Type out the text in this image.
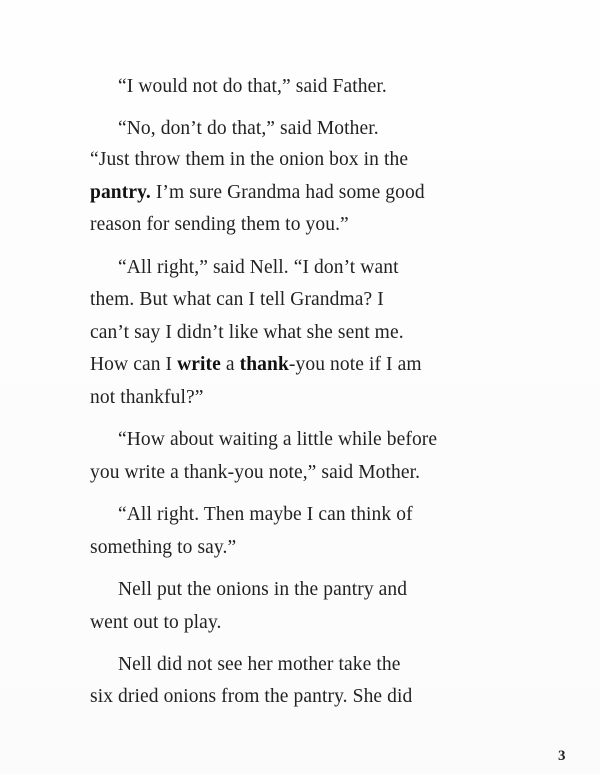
“I would not do that,” said Father.
“No, don’t do that,” said Mother.
“Just throw them in the onion box in the
pantry. I’m sure Grandma had some good
reason for sending them to you.”
“All right,” said Nell. “I don’t want
them. But what can I tell Grandma? I
can’t say I didn’t like what she sent me.
How can I write a thank-you note if I am
not thankful?”
“How about waiting a little while before
you write a thank-you note,” said Mother.
“All right. Then maybe I can think of
something to say.”
Nell put the onions in the pantry and
went out to play.
Nell did not see her mother take the
six dried onions from the pantry. She did
3
